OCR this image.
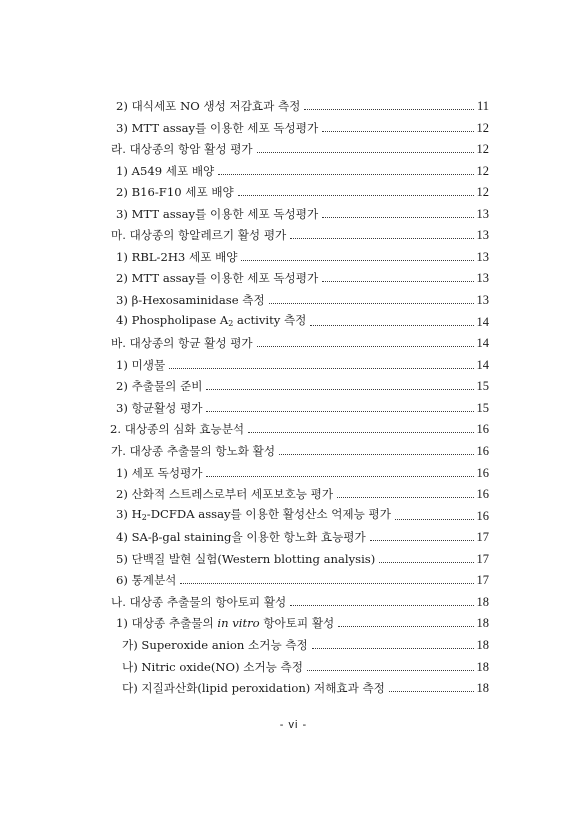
2) 대식세포 NO 생성 저감효과 측정	11
3) MTT assay를 이용한 세포 독성평가	12
라. 대상종의 항암 활성 평가	12
1) A549 세포 배양	12
2) B16-F10 세포 배양	12
3) MTT assay를 이용한 세포 독성평가	13
마. 대상종의 항알레르기 활성 평가	13
1) RBL-2H3 세포 배양	13
2) MTT assay를 이용한 세포 독성평가	13
3) β-Hexosaminidase 측정	13
4) Phospholipase $A_2$ activity 측정	14
바. 대상종의 항균 활성 평가	14
1) 미생물	14
2) 추출물의 준비	15
3) 항균활성 평가	15
2. 대상종의 심화 효능분석	16
가. 대상종 추출물의 항노화 활성	16
1) 세포 독성평가	16
2) 산화적 스트레스로부터 세포보호능 평가	16
3) $H_2$-DCFDA assay를 이용한 활성산소 억제능 평가	16
4) SA-β-gal staining을 이용한 항노화 효능평가	17
5) 단백질 발현 실험(Western blotting analysis)	17
6) 통계분석	17
나. 대상종 추출물의 항아토피 활성	18
1) 대상종 추출물의 in vitro 항아토피 활성	18
가) Superoxide anion 소거능 측정	18
나) Nitric oxide(NO) 소거능 측정	18
다) 지질과산화(lipid peroxidation) 저해효과 측정	18
- vi -
